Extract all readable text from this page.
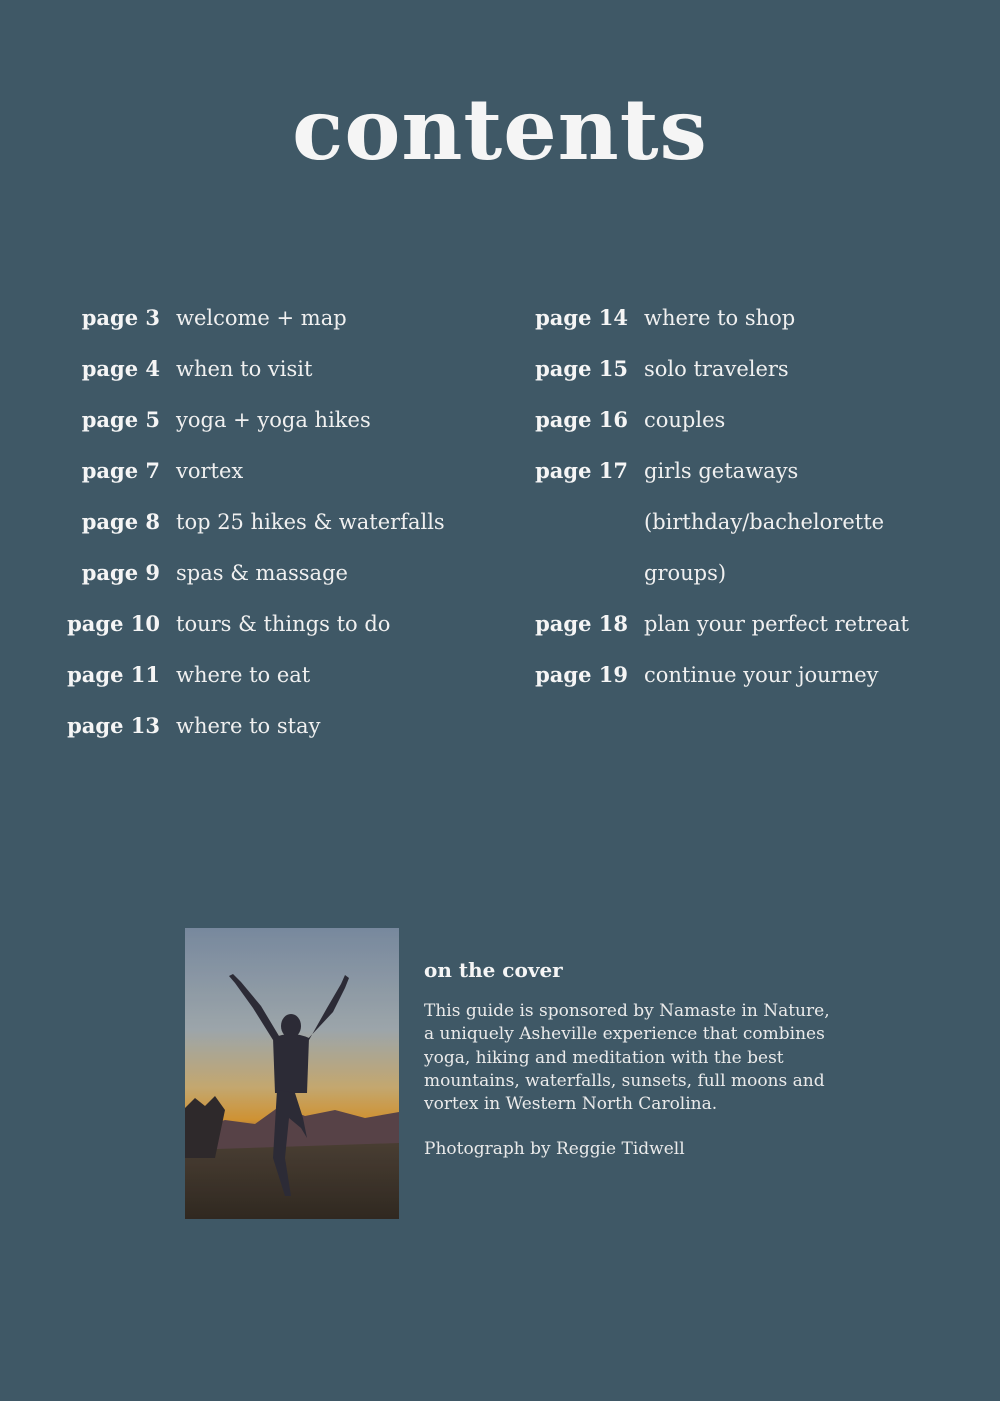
contents
page 3 welcome + map
page 4 when to visit
page 5 yoga + yoga hikes
page 7 vortex
page 8 top 25 hikes & waterfalls
page 9 spas & massage
page 10 tours & things to do
page 11 where to eat
page 13 where to stay
page 14 where to shop
page 15 solo travelers
page 16 couples
page 17 girls getaways
(birthday/bachelorette
groups)
page 18 plan your perfect retreat
page 19 continue your journey
on the cover
This guide is sponsored by Namaste in Nature, a uniquely Asheville experience that combines yoga, hiking and meditation with the best mountains, waterfalls, sunsets, full moons and vortex in Western North Carolina.
Photograph by Reggie Tidwell
